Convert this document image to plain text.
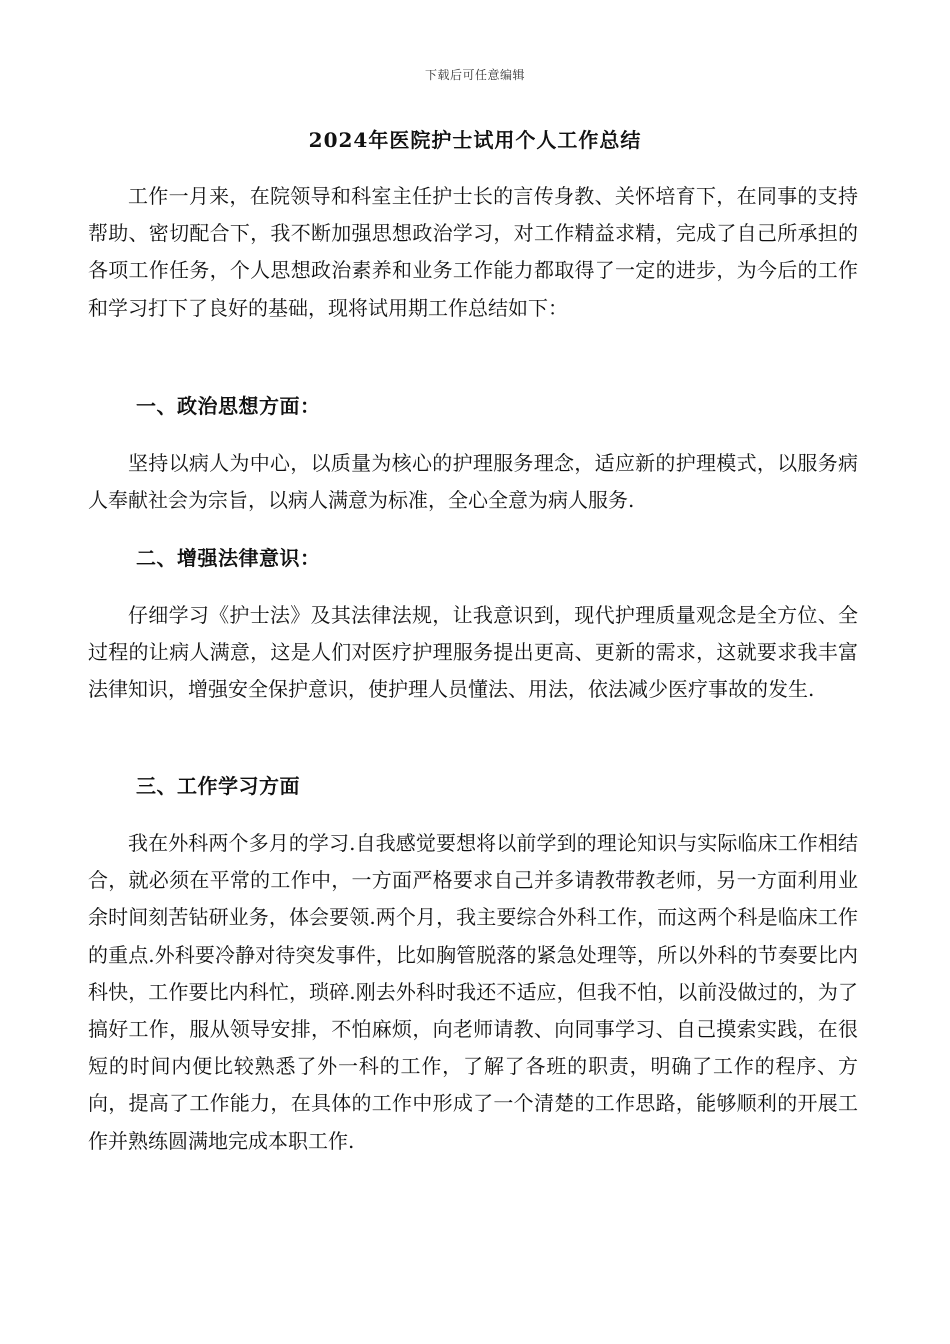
下载后可任意编辑
2024年医院护士试用个人工作总结

工作一月来，在院领导和科室主任护士长的言传身教、关怀培育下，在同事的支持帮助、密切配合下，我不断加强思想政治学习，对工作精益求精，完成了自己所承担的各项工作任务，个人思想政治素养和业务工作能力都取得了一定的进步，为今后的工作和学习打下了良好的基础，现将试用期工作总结如下：

一、政治思想方面：

坚持以病人为中心，以质量为核心的护理服务理念，适应新的护理模式，以服务病人奉献社会为宗旨，以病人满意为标准，全心全意为病人服务.

二、增强法律意识：

仔细学习《护士法》及其法律法规，让我意识到，现代护理质量观念是全方位、全过程的让病人满意，这是人们对医疗护理服务提出更高、更新的需求，这就要求我丰富法律知识，增强安全保护意识，使护理人员懂法、用法，依法减少医疗事故的发生.

三、工作学习方面

我在外科两个多月的学习.自我感觉要想将以前学到的理论知识与实际临床工作相结合，就必须在平常的工作中，一方面严格要求自己并多请教带教老师，另一方面利用业余时间刻苦钻研业务，体会要领.两个月，我主要综合外科工作，而这两个科是临床工作的重点.外科要冷静对待突发事件，比如胸管脱落的紧急处理等，所以外科的节奏要比内科快，工作要比内科忙，琐碎.刚去外科时我还不适应，但我不怕，以前没做过的，为了搞好工作，服从领导安排，不怕麻烦，向老师请教、向同事学习、自己摸索实践，在很短的时间内便比较熟悉了外一科的工作，了解了各班的职责，明确了工作的程序、方向，提高了工作能力，在具体的工作中形成了一个清楚的工作思路，能够顺利的开展工作并熟练圆满地完成本职工作.
